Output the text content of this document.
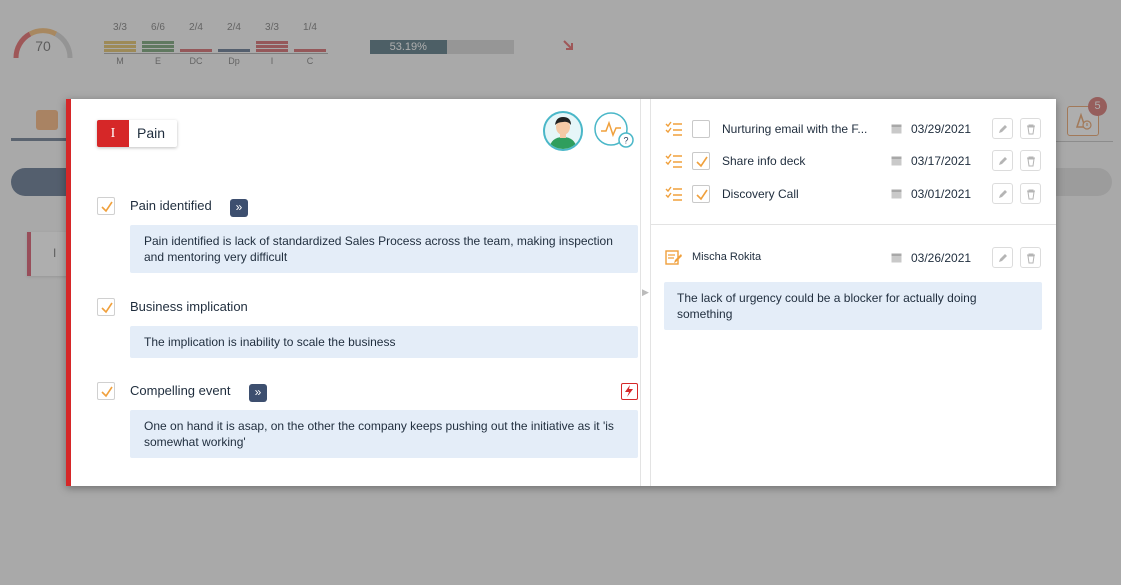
I	Pain	?
Pain identified	»
Pain identified is lack of standardized Sales Process across the team, making inspection and mentoring very difficult
Business implication
The implication is inability to scale the business
Compelling event	»
One on hand it is asap, on the other the company keeps pushing out the initiative as it 'is somewhat working'
▶
Nurturing email with the F...	03/29/2021
Share info deck	03/17/2021
Discovery Call	03/01/2021
Mischa Rokita	03/26/2021
The lack of urgency could be a blocker for actually doing something
